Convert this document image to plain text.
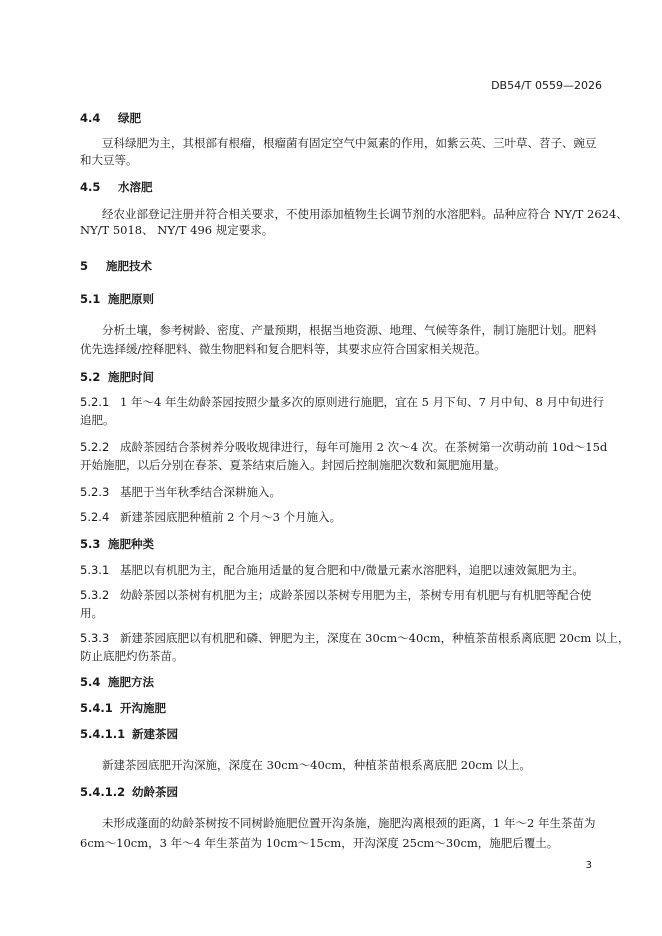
DB54/T 0559—2026
4.4 绿肥
豆科绿肥为主，其根部有根瘤，根瘤菌有固定空气中氮素的作用，如紫云英、三叶草、苕子、豌豆
和大豆等。
4.5 水溶肥
经农业部登记注册并符合相关要求，不使用添加植物生长调节剂的水溶肥料。品种应符合 NY/T 2624、
NY/T 5018、 NY/T 496 规定要求。
5 施肥技术
5.1 施肥原则
分析土壤，参考树龄、密度、产量预期，根据当地资源、地理、气候等条件，制订施肥计划。肥料
优先选择缓/控释肥料、微生物肥料和复合肥料等，其要求应符合国家相关规范。
5.2 施肥时间
5.2.1 1 年～4 年生幼龄茶园按照少量多次的原则进行施肥，宜在 5 月下旬、7 月中旬、8 月中旬进行
追肥。
5.2.2 成龄茶园结合茶树养分吸收规律进行，每年可施用 2 次～4 次。在茶树第一次萌动前 10d～15d
开始施肥，以后分别在春茶、夏茶结束后施入。封园后控制施肥次数和氮肥施用量。
5.2.3 基肥于当年秋季结合深耕施入。
5.2.4 新建茶园底肥种植前 2 个月～3 个月施入。
5.3 施肥种类
5.3.1 基肥以有机肥为主，配合施用适量的复合肥和中/微量元素水溶肥料，追肥以速效氮肥为主。
5.3.2 幼龄茶园以茶树有机肥为主；成龄茶园以茶树专用肥为主，茶树专用有机肥与有机肥等配合使
用。
5.3.3 新建茶园底肥以有机肥和磷、钾肥为主，深度在 30cm～40cm，种植茶苗根系离底肥 20cm 以上，
防止底肥灼伤茶苗。
5.4 施肥方法
5.4.1 开沟施肥
5.4.1.1 新建茶园
新建茶园底肥开沟深施，深度在 30cm～40cm，种植茶苗根系离底肥 20cm 以上。
5.4.1.2 幼龄茶园
未形成蓬面的幼龄茶树按不同树龄施肥位置开沟条施，施肥沟离根颈的距离，1 年～2 年生茶苗为
6cm～10cm，3 年～4 年生茶苗为 10cm～15cm，开沟深度 25cm～30cm，施肥后覆土。
3
